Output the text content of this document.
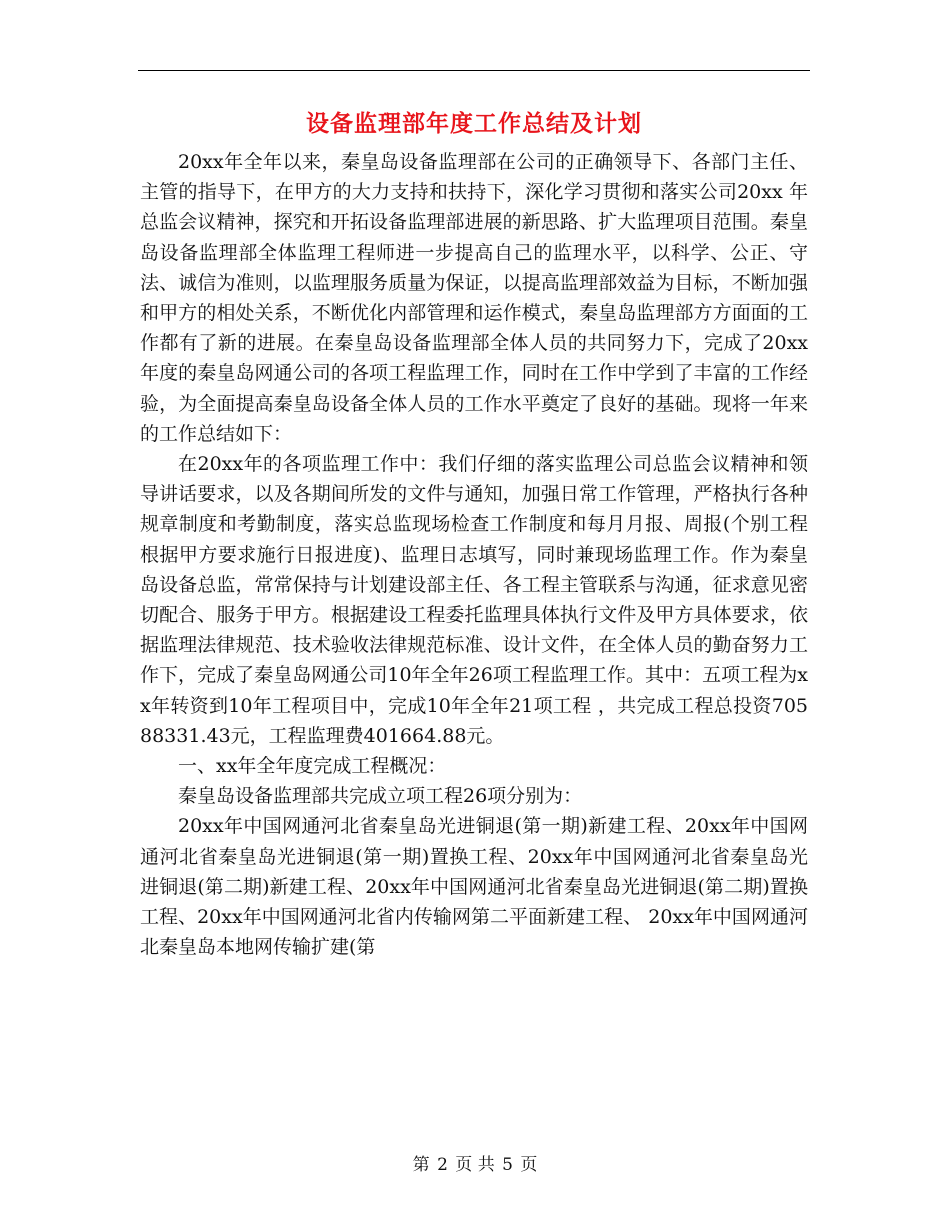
设备监理部年度工作总结及计划

20xx年全年以来，秦皇岛设备监理部在公司的正确领导下、各部门主任、主管的指导下，在甲方的大力支持和扶持下，深化学习贯彻和落实公司20xx 年总监会议精神，探究和开拓设备监理部进展的新思路、扩大监理项目范围。秦皇岛设备监理部全体监理工程师进一步提高自己的监理水平，以科学、公正、守法、诚信为准则，以监理服务质量为保证，以提高监理部效益为目标，不断加强和甲方的相处关系，不断优化内部管理和运作模式，秦皇岛监理部方方面面的工作都有了新的进展。在秦皇岛设备监理部全体人员的共同努力下，完成了20xx年度的秦皇岛网通公司的各项工程监理工作，同时在工作中学到了丰富的工作经验，为全面提高秦皇岛设备全体人员的工作水平奠定了良好的基础。现将一年来的工作总结如下：

在20xx年的各项监理工作中：我们仔细的落实监理公司总监会议精神和领导讲话要求，以及各期间所发的文件与通知，加强日常工作管理，严格执行各种规章制度和考勤制度，落实总监现场检查工作制度和每月月报、周报(个别工程根据甲方要求施行日报进度)、监理日志填写，同时兼现场监理工作。作为秦皇岛设备总监，常常保持与计划建设部主任、各工程主管联系与沟通，征求意见密切配合、服务于甲方。根据建设工程委托监理具体执行文件及甲方具体要求，依据监理法律规范、技术验收法律规范标准、设计文件，在全体人员的勤奋努力工作下，完成了秦皇岛网通公司10年全年26项工程监理工作。其中：五项工程为xx年转资到10年工程项目中，完成10年全年21项工程 ，共完成工程总投资70588331.43元，工程监理费401664.88元。

一、xx年全年度完成工程概况：

秦皇岛设备监理部共完成立项工程26项分别为：

20xx年中国网通河北省秦皇岛光进铜退(第一期)新建工程、20xx年中国网通河北省秦皇岛光进铜退(第一期)置换工程、20xx年中国网通河北省秦皇岛光进铜退(第二期)新建工程、20xx年中国网通河北省秦皇岛光进铜退(第二期)置换工程、20xx年中国网通河北省内传输网第二平面新建工程、 20xx年中国网通河北秦皇岛本地网传输扩建(第

第 2 页 共 5 页
